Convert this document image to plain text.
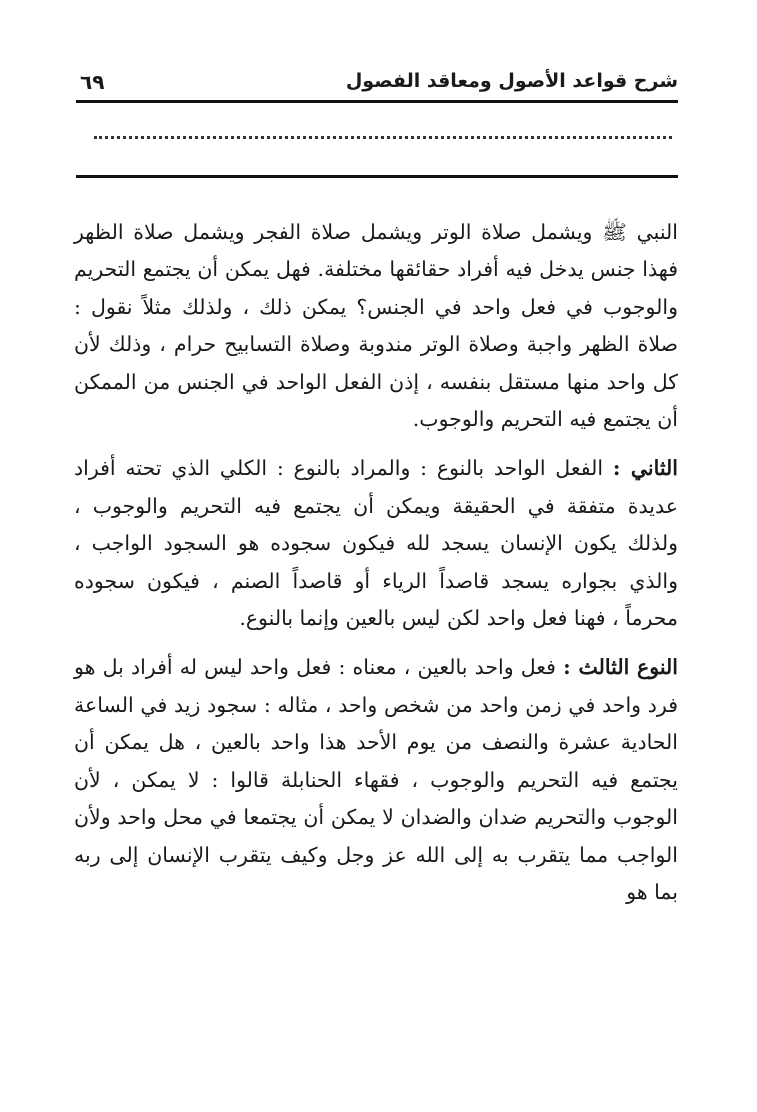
شرح قواعد الأصول ومعاقد الفصول
٦٩

النبي ﷺ ويشمل صلاة الوتر ويشمل صلاة الفجر ويشمل صلاة الظهر فهذا جنس يدخل فيه أفراد حقائقها مختلفة. فهل يمكن أن يجتمع التحريم والوجوب في فعل واحد في الجنس؟ يمكن ذلك ، ولذلك مثلاً نقول : صلاة الظهر واجبة وصلاة الوتر مندوبة وصلاة التسابيح حرام ، وذلك لأن كل واحد منها مستقل بنفسه ، إذن الفعل الواحد في الجنس من الممكن أن يجتمع فيه التحريم والوجوب.

الثاني : الفعل الواحد بالنوع : والمراد بالنوع : الكلي الذي تحته أفراد عديدة متفقة في الحقيقة ويمكن أن يجتمع فيه التحريم والوجوب ، ولذلك يكون الإنسان يسجد لله فيكون سجوده هو السجود الواجب ، والذي بجواره يسجد قاصداً الرياء أو قاصداً الصنم ، فيكون سجوده محرماً ، فهنا فعل واحد لكن ليس بالعين وإنما بالنوع.

النوع الثالث : فعل واحد بالعين ، معناه : فعل واحد ليس له أفراد بل هو فرد واحد في زمن واحد من شخص واحد ، مثاله : سجود زيد في الساعة الحادية عشرة والنصف من يوم الأحد هذا واحد بالعين ، هل يمكن أن يجتمع فيه التحريم والوجوب ، فقهاء الحنابلة قالوا : لا يمكن ، لأن الوجوب والتحريم ضدان والضدان لا يمكن أن يجتمعا في محل واحد ولأن الواجب مما يتقرب به إلى الله عز وجل وكيف يتقرب الإنسان إلى ربه بما هو
